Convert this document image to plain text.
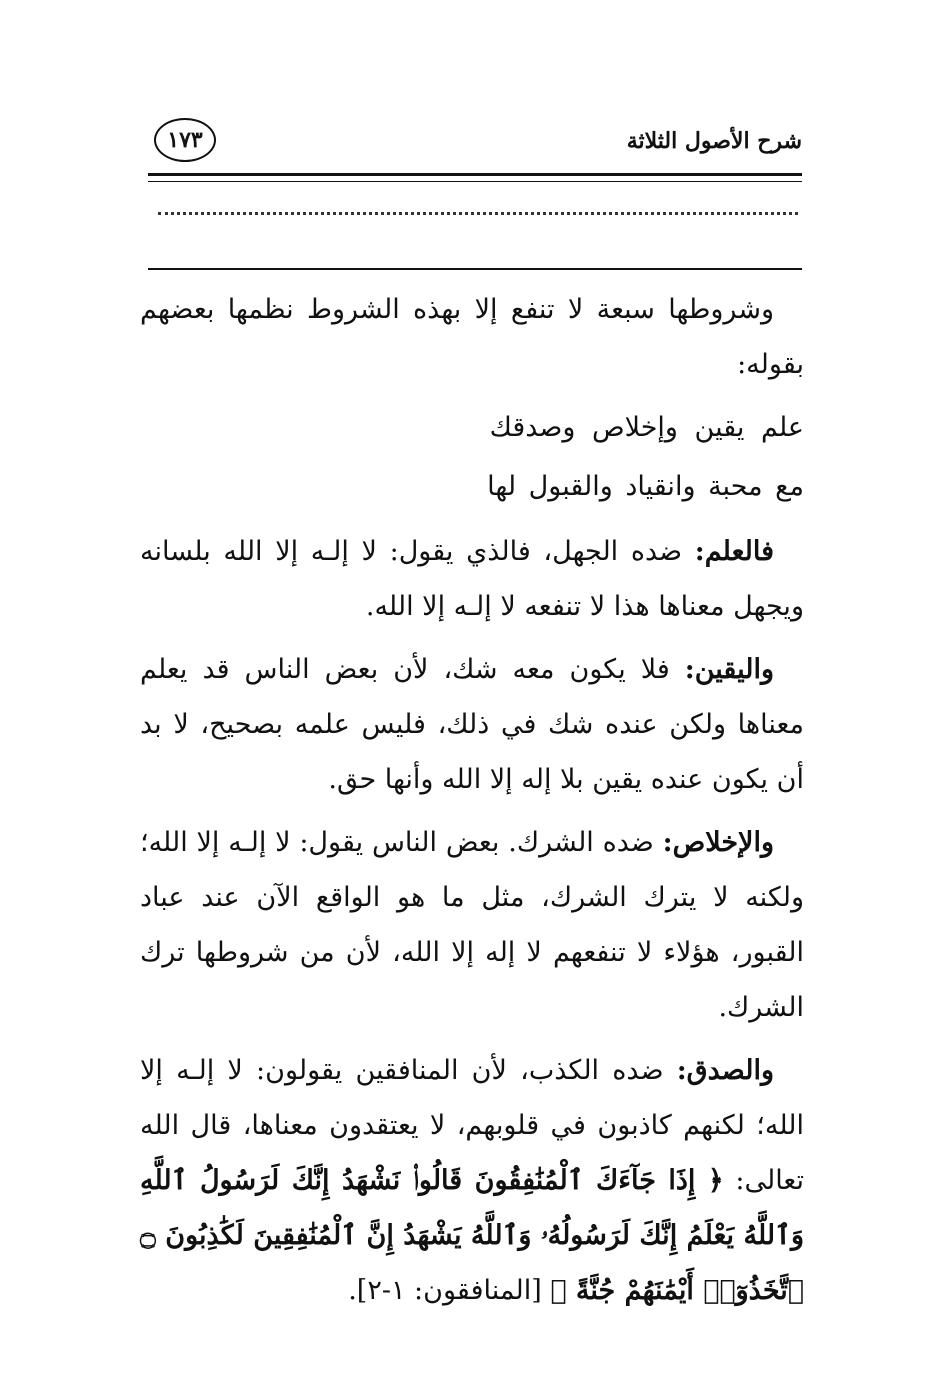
شرح الأصول الثلاثة
١٧٣

وشروطها سبعة لا تنفع إلا بهذه الشروط نظمها بعضهم بقوله:

علم يقين وإخلاص وصدقك

مع محبة وانقياد والقبول لها

فالعلم: ضده الجهل، فالذي يقول: لا إلـه إلا الله بلسانه ويجهل معناها هذا لا تنفعه لا إلـه إلا الله.

واليقين: فلا يكون معه شك، لأن بعض الناس قد يعلم معناها ولكن عنده شك في ذلك، فليس علمه بصحيح، لا بد أن يكون عنده يقين بلا إله إلا الله وأنها حق.

والإخلاص: ضده الشرك. بعض الناس يقول: لا إلـه إلا الله؛ ولكنه لا يترك الشرك، مثل ما هو الواقع الآن عند عباد القبور، هؤلاء لا تنفعهم لا إله إلا الله، لأن من شروطها ترك الشرك.

والصدق: ضده الكذب، لأن المنافقين يقولون: لا إلـه إلا الله؛ لكنهم كاذبون في قلوبهم، لا يعتقدون معناها، قال الله تعالى: ﴿ إِذَا جَآءَكَ ٱلْمُنَٰفِقُونَ قَالُوا۟ نَشْهَدُ إِنَّكَ لَرَسُولُ ٱللَّهِ وَٱللَّهُ يَعْلَمُ إِنَّكَ لَرَسُولُهُۥ وَٱللَّهُ يَشْهَدُ إِنَّ ٱلْمُنَٰفِقِينَ لَكَٰذِبُونَ ۝ ٱتَّخَذُوٓا۟ أَيْمَٰنَهُمْ جُنَّةً ﴾ [المنافقون: ١-٢].
